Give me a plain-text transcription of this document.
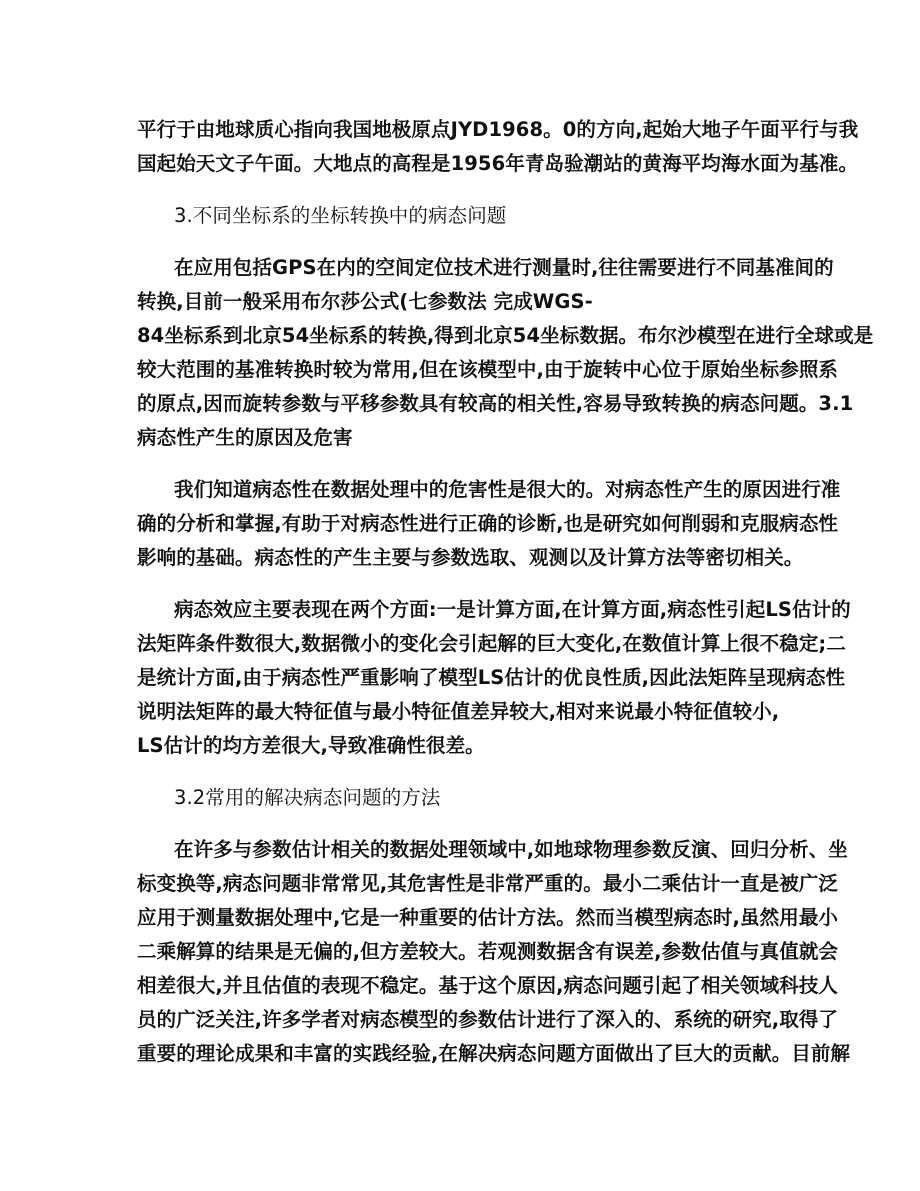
平行于由地球质心指向我国地极原点JYD1968。0的方向,起始大地子午面平行与我
国起始天文子午面。大地点的高程是1956年青岛验潮站的黄海平均海水面为基准。
3.不同坐标系的坐标转换中的病态问题
在应用包括GPS在内的空间定位技术进行测量时,往往需要进行不同基准间的
转换,目前一般采用布尔莎公式(七参数法 完成WGS-
84坐标系到北京54坐标系的转换,得到北京54坐标数据。布尔沙模型在进行全球或是
较大范围的基准转换时较为常用,但在该模型中,由于旋转中心位于原始坐标参照系
的原点,因而旋转参数与平移参数具有较高的相关性,容易导致转换的病态问题。3.1
病态性产生的原因及危害
我们知道病态性在数据处理中的危害性是很大的。对病态性产生的原因进行准
确的分析和掌握,有助于对病态性进行正确的诊断,也是研究如何削弱和克服病态性
影响的基础。病态性的产生主要与参数选取、观测以及计算方法等密切相关。
病态效应主要表现在两个方面:一是计算方面,在计算方面,病态性引起LS估计的
法矩阵条件数很大,数据微小的变化会引起解的巨大变化,在数值计算上很不稳定;二
是统计方面,由于病态性严重影响了模型LS估计的优良性质,因此法矩阵呈现病态性
说明法矩阵的最大特征值与最小特征值差异较大,相对来说最小特征值较小,
LS估计的均方差很大,导致准确性很差。
3.2常用的解决病态问题的方法
在许多与参数估计相关的数据处理领域中,如地球物理参数反演、回归分析、坐
标变换等,病态问题非常常见,其危害性是非常严重的。最小二乘估计一直是被广泛
应用于测量数据处理中,它是一种重要的估计方法。然而当模型病态时,虽然用最小
二乘解算的结果是无偏的,但方差较大。若观测数据含有误差,参数估值与真值就会
相差很大,并且估值的表现不稳定。基于这个原因,病态问题引起了相关领域科技人
员的广泛关注,许多学者对病态模型的参数估计进行了深入的、系统的研究,取得了
重要的理论成果和丰富的实践经验,在解决病态问题方面做出了巨大的贡献。目前解
